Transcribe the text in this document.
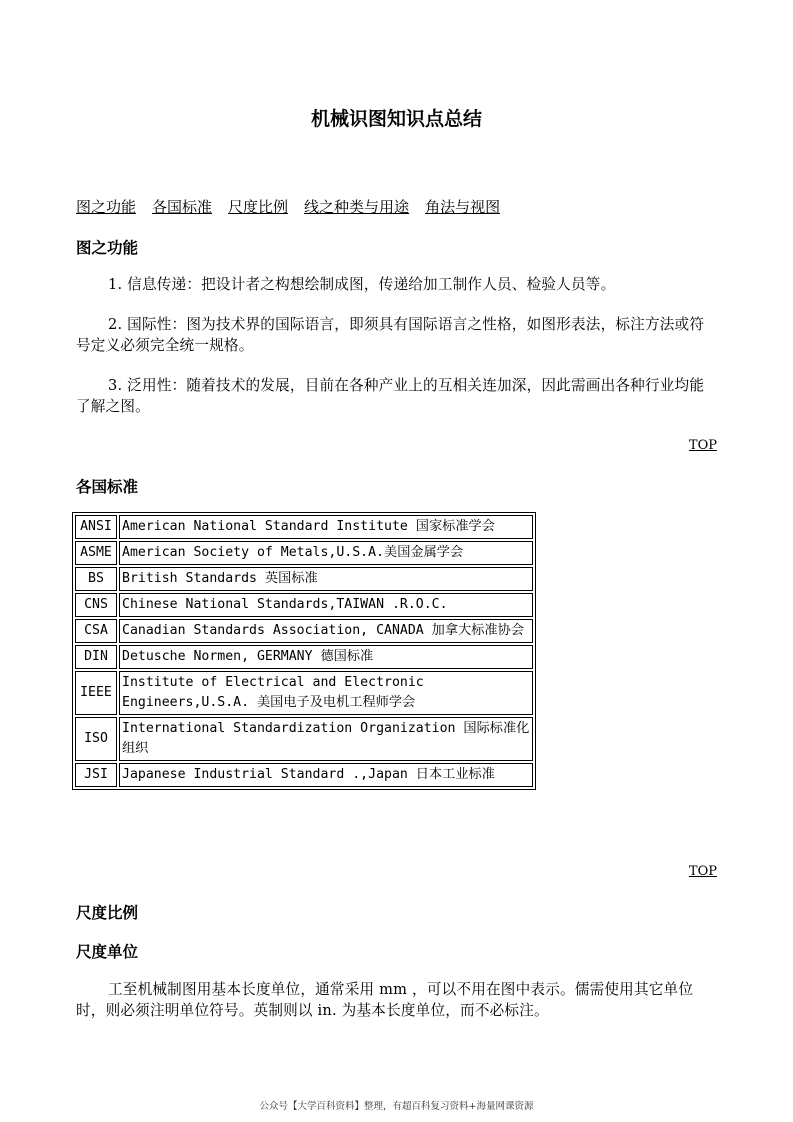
机械识图知识点总结
图之功能 各国标准 尺度比例 线之种类与用途 角法与视图
图之功能

1. 信息传递：把设计者之构想绘制成图，传递给加工制作人员、检验人员等。

2. 国际性：图为技术界的国际语言，即须具有国际语言之性格，如图形表法，标注方法或符号定义必须完全统一规格。

3. 泛用性：随着技术的发展，目前在各种产业上的互相关连加深，因此需画出各种行业均能了解之图。

TOP
各国标准
ANSI	American National Standard Institute 国家标准学会
ASME	American Society of Metals,U.S.A.美国金属学会
BS	British Standards 英国标准
CNS	Chinese National Standards,TAIWAN .R.O.C.
CSA	Canadian Standards Association, CANADA 加拿大标准协会
DIN	Detusche Normen, GERMANY 德国标准
IEEE	Institute of Electrical and Electronic Engineers,U.S.A. 美国电子及电机工程师学会
ISO	International Standardization Organization 国际标准化组织
JSI	Japanese Industrial Standard .,Japan 日本工业标准
TOP
尺度比例
尺度单位

工至机械制图用基本长度单位，通常采用 mm ，可以不用在图中表示。儒需使用其它单位时，则必须注明单位符号。英制则以 in. 为基本长度单位，而不必标注。

公众号【大学百科资料】整理，有超百科复习资料+海量网课资源
